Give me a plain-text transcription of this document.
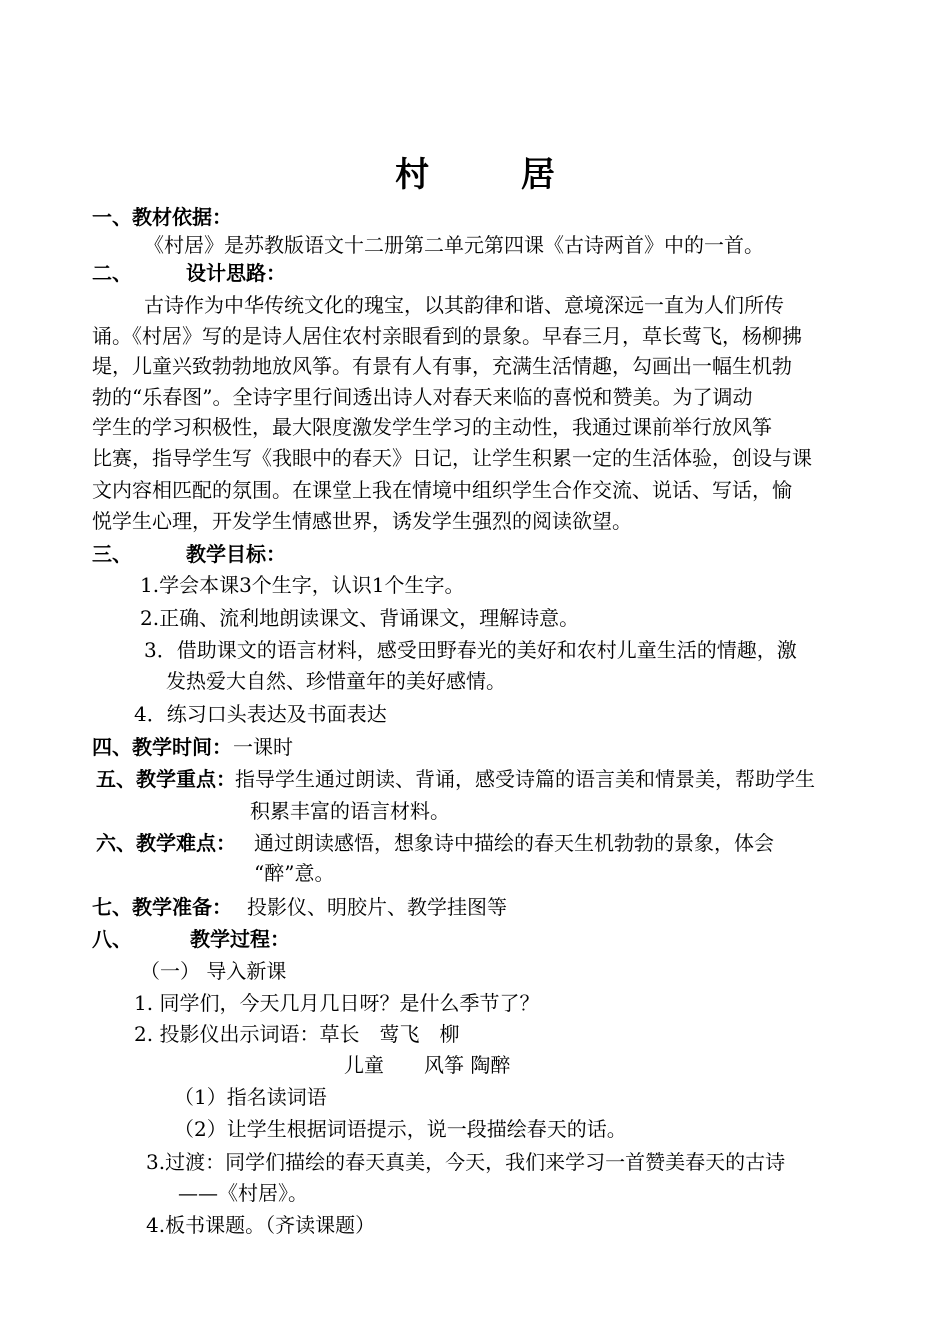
村 居
一、教材依据：
《村居》是苏教版语文十二册第二单元第四课《古诗两首》中的一首。
二、	设计思路：
古诗作为中华传统文化的瑰宝，以其韵律和谐、意境深远一直为人们所传
诵。《村居》写的是诗人居住农村亲眼看到的景象。早春三月，草长莺飞，杨柳拂
堤，儿童兴致勃勃地放风筝。有景有人有事，充满生活情趣，勾画出一幅生机勃
勃的“乐春图”。全诗字里行间透出诗人对春天来临的喜悦和赞美。为了调动
学生的学习积极性，最大限度激发学生学习的主动性，我通过课前举行放风筝
比赛，指导学生写《我眼中的春天》日记，让学生积累一定的生活体验，创设与课
文内容相匹配的氛围。在课堂上我在情境中组织学生合作交流、说话、写话，愉
悦学生心理，开发学生情感世界，诱发学生强烈的阅读欲望。
三、	教学目标：
1.学会本课3个生字，认识1个生字。
2.正确、流利地朗读课文、背诵课文，理解诗意。
3．借助课文的语言材料，感受田野春光的美好和农村儿童生活的情趣，激
发热爱大自然、珍惜童年的美好感情。
4．练习口头表达及书面表达
四、教学时间： 一课时
五、教学重点： 指导学生通过朗读、背诵，感受诗篇的语言美和情景美，帮助学生
积累丰富的语言材料。
六、教学难点： 通过朗读感悟，想象诗中描绘的春天生机勃勃的景象，体会
“醉”意。
七、教学准备： 投影仪、明胶片、教学挂图等
八、	教学过程：
（一） 导入新课
1. 同学们，今天几月几日呀？是什么季节了？
2. 投影仪出示词语：草长　莺飞　柳
儿童　　风筝 陶醉
（1）指名读词语
（2）让学生根据词语提示，说一段描绘春天的话。
3.过渡：同学们描绘的春天真美，今天，我们来学习一首赞美春天的古诗
——《村居》。
4.板书课题。（齐读课题）
